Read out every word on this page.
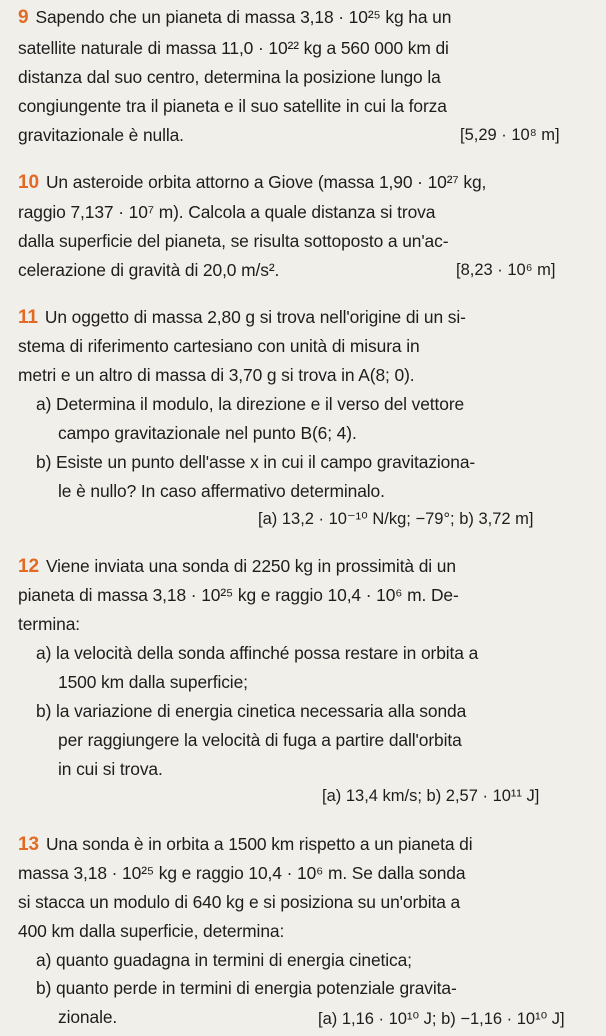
9 Sapendo che un pianeta di massa 3,18 · 10²⁵ kg ha un
satellite naturale di massa 11,0 · 10²² kg a 560 000 km di
distanza dal suo centro, determina la posizione lungo la
congiungente tra il pianeta e il suo satellite in cui la forza
gravitazionale è nulla.	[5,29 · 10⁸ m]
10 Un asteroide orbita attorno a Giove (massa 1,90 · 10²⁷ kg,
raggio 7,137 · 10⁷ m). Calcola a quale distanza si trova
dalla superficie del pianeta, se risulta sottoposto a un'ac-
celerazione di gravità di 20,0 m/s².	[8,23 · 10⁶ m]
11 Un oggetto di massa 2,80 g si trova nell'origine di un si-
stema di riferimento cartesiano con unità di misura in
metri e un altro di massa di 3,70 g si trova in A(8; 0).
a) Determina il modulo, la direzione e il verso del vettore
campo gravitazionale nel punto B(6; 4).
b) Esiste un punto dell'asse x in cui il campo gravitaziona-
le è nullo? In caso affermativo determinalo.
[a) 13,2 · 10⁻¹⁰ N/kg; −79°; b) 3,72 m]
12 Viene inviata una sonda di 2250 kg in prossimità di un
pianeta di massa 3,18 · 10²⁵ kg e raggio 10,4 · 10⁶ m. De-
termina:
a) la velocità della sonda affinché possa restare in orbita a
1500 km dalla superficie;
b) la variazione di energia cinetica necessaria alla sonda
per raggiungere la velocità di fuga a partire dall'orbita
in cui si trova.
[a) 13,4 km/s; b) 2,57 · 10¹¹ J]
13 Una sonda è in orbita a 1500 km rispetto a un pianeta di
massa 3,18 · 10²⁵ kg e raggio 10,4 · 10⁶ m. Se dalla sonda
si stacca un modulo di 640 kg e si posiziona su un'orbita a
400 km dalla superficie, determina:
a) quanto guadagna in termini di energia cinetica;
b) quanto perde in termini di energia potenziale gravita-
zionale.	[a) 1,16 · 10¹⁰ J; b) −1,16 · 10¹⁰ J]
